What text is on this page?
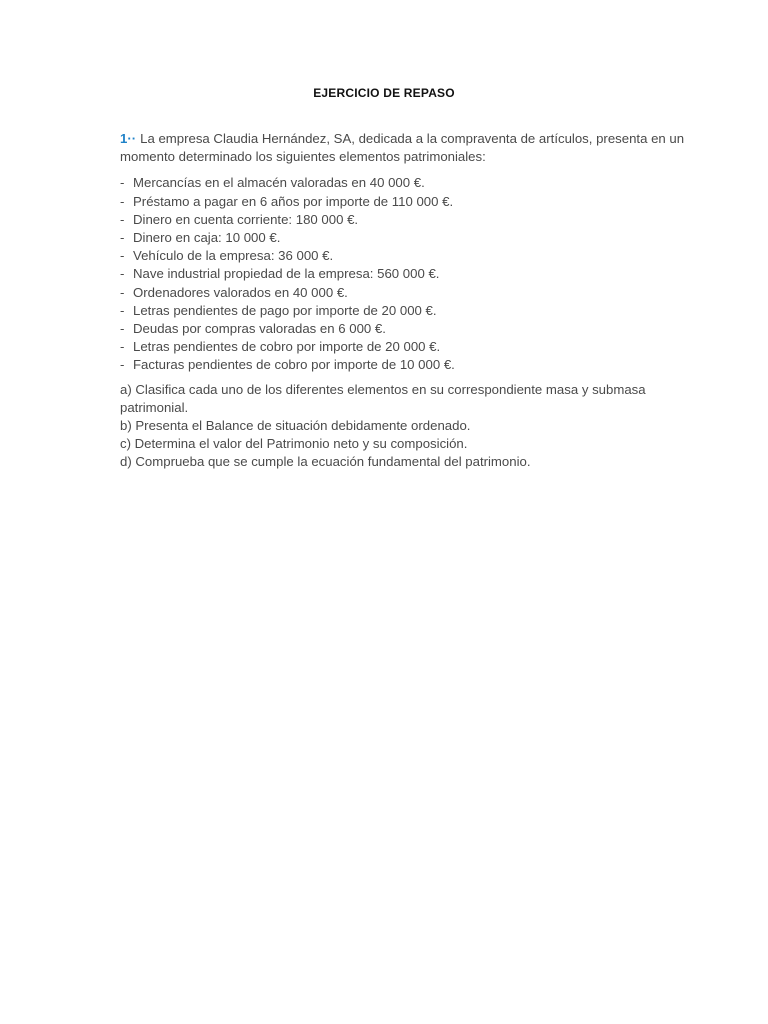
EJERCICIO DE REPASO

1·· La empresa Claudia Hernández, SA, dedicada a la compraventa de artículos, presenta en un momento determinado los siguientes elementos patrimoniales:

- Mercancías en el almacén valoradas en 40 000 €.
- Préstamo a pagar en 6 años por importe de 110 000 €.
- Dinero en cuenta corriente: 180 000 €.
- Dinero en caja: 10 000 €.
- Vehículo de la empresa: 36 000 €.
- Nave industrial propiedad de la empresa: 560 000 €.
- Ordenadores valorados en 40 000 €.
- Letras pendientes de pago por importe de 20 000 €.
- Deudas por compras valoradas en 6 000 €.
- Letras pendientes de cobro por importe de 20 000 €.
- Facturas pendientes de cobro por importe de 10 000 €.

a) Clasifica cada uno de los diferentes elementos en su correspondiente masa y submasa patrimonial.

b) Presenta el Balance de situación debidamente ordenado.

c) Determina el valor del Patrimonio neto y su composición.

d) Comprueba que se cumple la ecuación fundamental del patrimonio.
